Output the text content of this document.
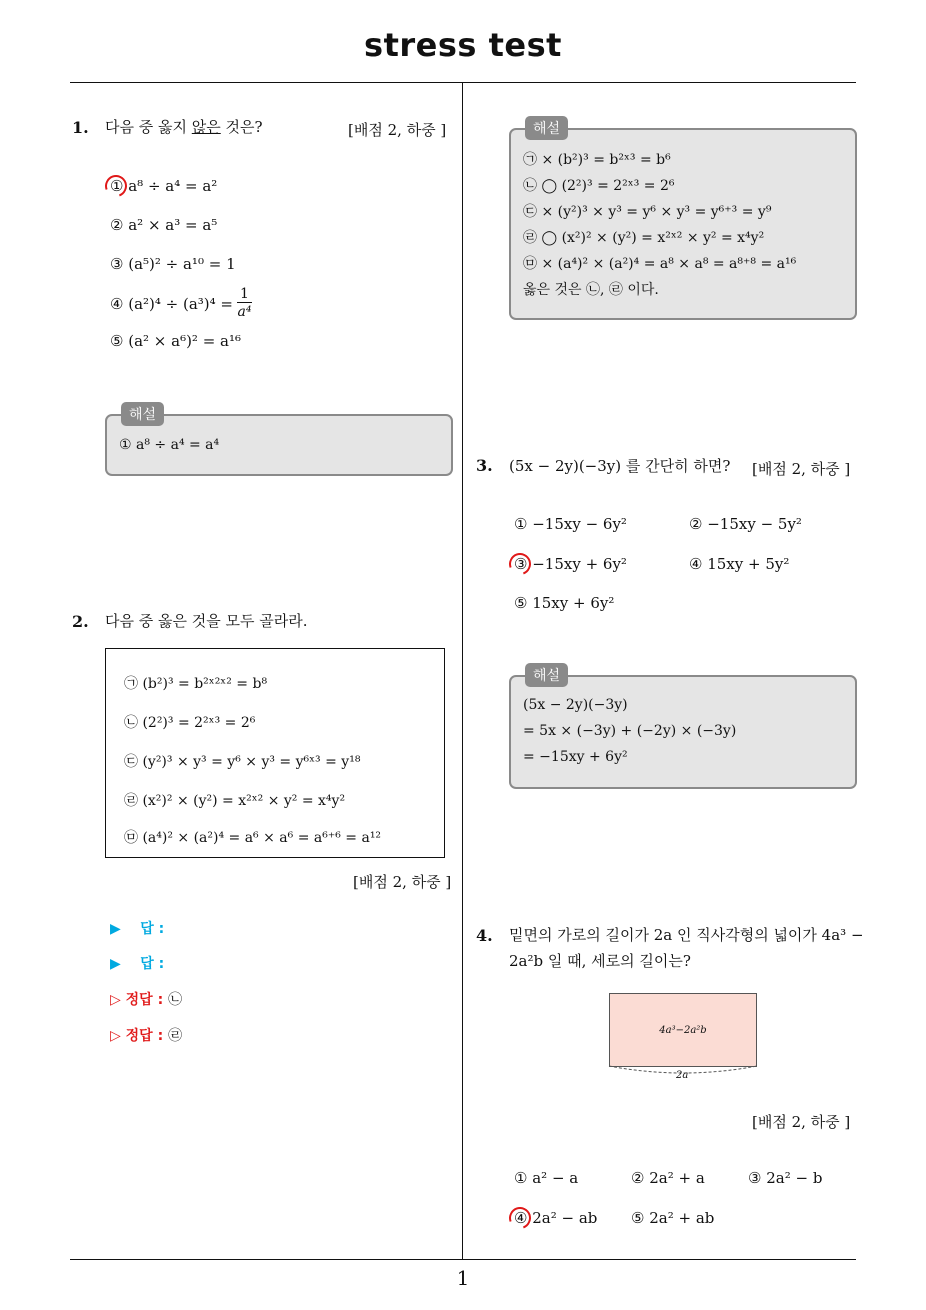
stress test
1
1. 다음 중 옳지 않은 것은?	[배점 2, 하중 ]
① a⁸ ÷ a⁴ = a²
② a² × a³ = a⁵
③ (a⁵)² ÷ a¹⁰ = 1
④ $(a^2)^4 \div (a^3)^4 = \frac{1}{\text{a⁴}}$
⑤ (a² × a⁶)² = a¹⁶
해설
① a⁸ ÷ a⁴ = a⁴
2. 다음 중 옳은 것을 모두 골라라.
㉠ (b²)³ = b²ˣ²ˣ² = b⁸
㉡ (2²)³ = 2²ˣ³ = 2⁶
㉢ (y²)³ × y³ = y⁶ × y³ = y⁶ˣ³ = y¹⁸
㉣ (x²)² × (y²) = x²ˣ² × y² = x⁴y²
㉤ (a⁴)² × (a²)⁴ = a⁶ × a⁶ = a⁶⁺⁶ = a¹²
[배점 2, 하중 ]
▶ 답 :
▶ 답 :
▷ 정답 : ㉡
▷ 정답 : ㉣
해설
㉠ × (b²)³ = b²ˣ³ = b⁶
㉡ ◯ (2²)³ = 2²ˣ³ = 2⁶
㉢ × (y²)³ × y³ = y⁶ × y³ = y⁶⁺³ = y⁹
㉣ ◯ (x²)² × (y²) = x²ˣ² × y² = x⁴y²
㉤ × (a⁴)² × (a²)⁴ = a⁸ × a⁸ = a⁸⁺⁸ = a¹⁶
옳은 것은 ㉡, ㉣ 이다.
3. (5x − 2y)(−3y) 를 간단히 하면? [배점 2, 하중 ]
① −15xy − 6y²	② −15xy − 5y²
③ −15xy + 6y²	④ 15xy + 5y²
⑤ 15xy + 6y²
해설
(5x − 2y)(−3y)
= 5x × (−3y) + (−2y) × (−3y)
= −15xy + 6y²
4. 밑면의 가로의 길이가 2a 인 직사각형의 넓이가 4a³ −
2a²b 일 때, 세로의 길이는?
4a³−2a²b
2a
[배점 2, 하중 ]
① a² − a	② 2a² + a	③ 2a² − b
④ 2a² − ab ⑤ 2a² + ab
